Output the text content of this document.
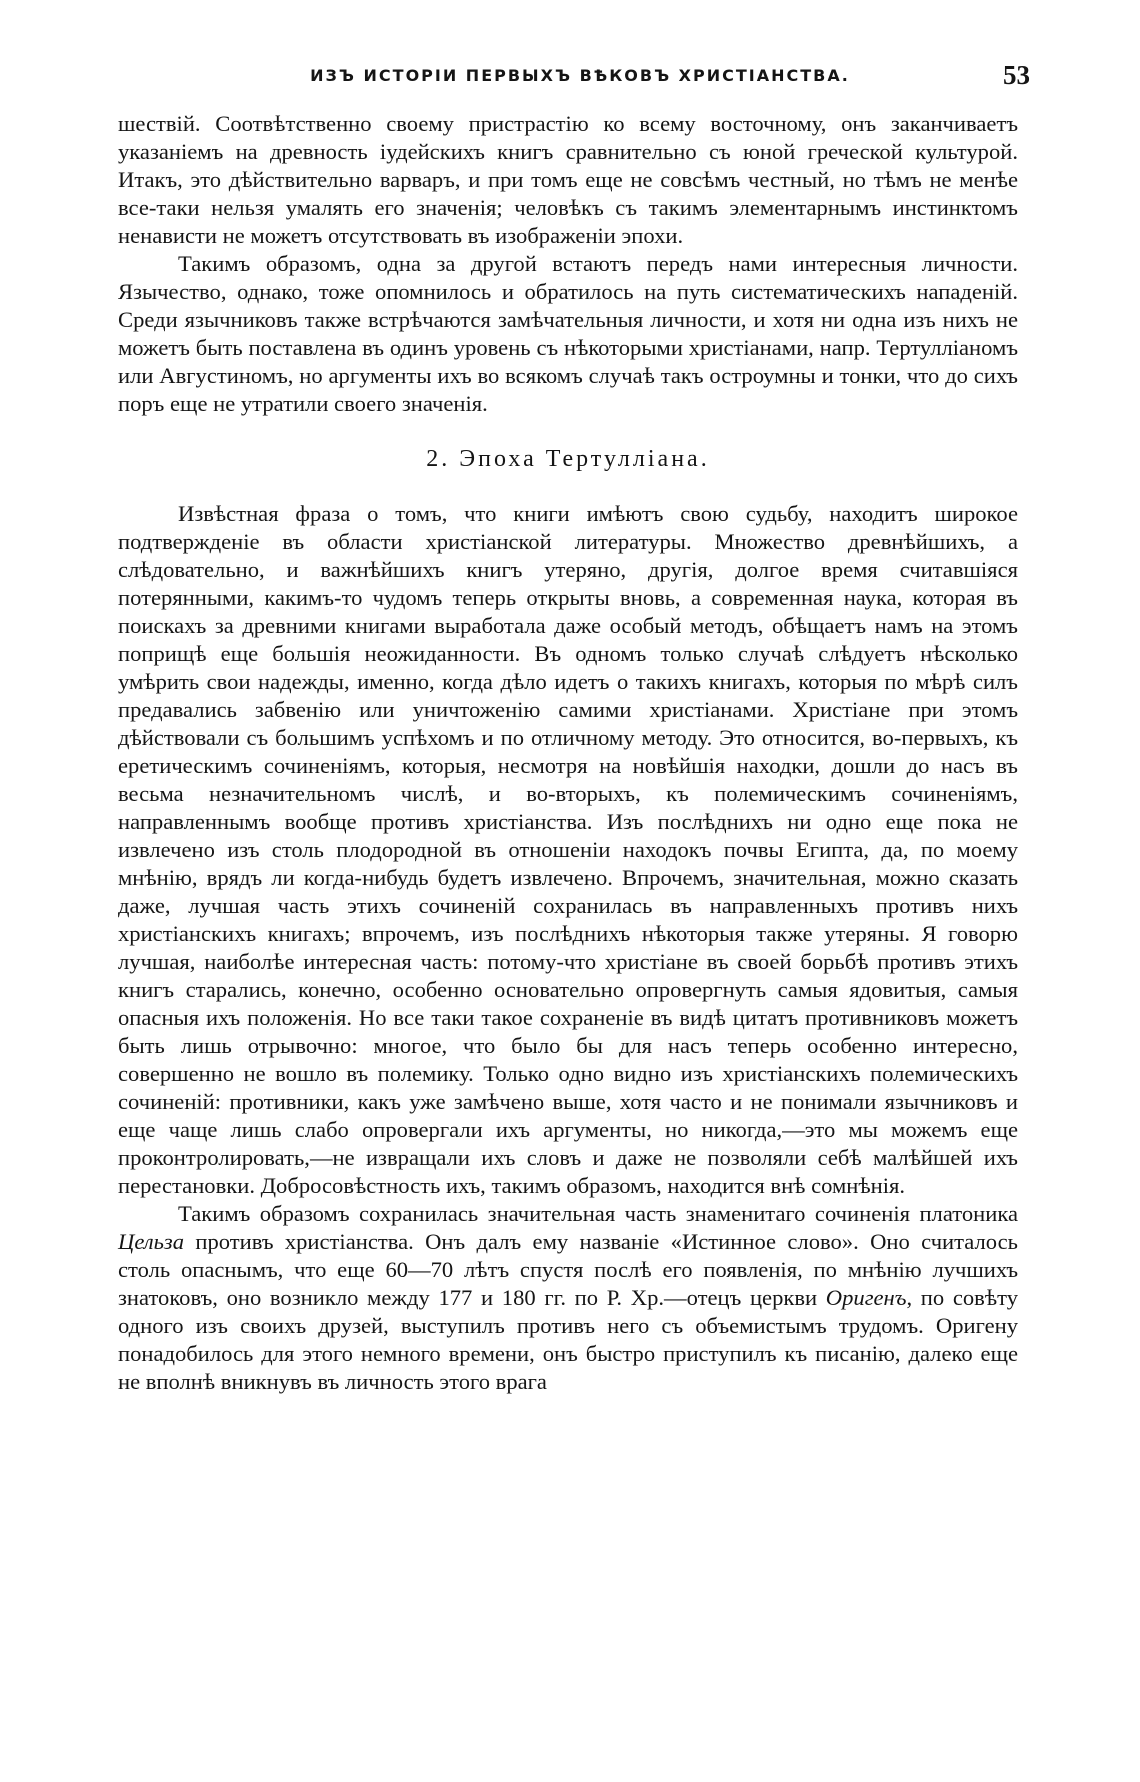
ИЗЪ ИСТОРІИ ПЕРВЫХЪ ВѢКОВЪ ХРИСТІАНСТВА.	53

шествій. Соотвѣтственно своему пристрастію ко всему восточному, онъ заканчиваетъ указаніемъ на древность іудейскихъ книгъ сравнительно съ юной греческой культурой. Итакъ, это дѣйствительно варваръ, и при томъ еще не совсѣмъ честный, но тѣмъ не менѣе все-таки нельзя умалять его значенія; человѣкъ съ такимъ элементарнымъ инстинктомъ ненависти не можетъ отсутствовать въ изображеніи эпохи.

Такимъ образомъ, одна за другой встаютъ передъ нами интересныя личности. Язычество, однако, тоже опомнилось и обратилось на путь систематическихъ нападеній. Среди язычниковъ также встрѣчаются замѣчательныя личности, и хотя ни одна изъ нихъ не можетъ быть поставлена въ одинъ уровень съ нѣкоторыми христіанами, напр. Тертулліаномъ или Августиномъ, но аргументы ихъ во всякомъ случаѣ такъ остроумны и тонки, что до сихъ поръ еще не утратили своего значенія.

2. Эпоха Тертулліана.

Извѣстная фраза о томъ, что книги имѣютъ свою судьбу, находитъ широкое подтвержденіе въ области христіанской литературы. Множество древнѣйшихъ, а слѣдовательно, и важнѣйшихъ книгъ утеряно, другія, долгое время считавшіяся потерянными, какимъ-то чудомъ теперь открыты вновь, а современная наука, которая въ поискахъ за древними книгами выработала даже особый методъ, обѣщаетъ намъ на этомъ поприщѣ еще большія неожиданности. Въ одномъ только случаѣ слѣдуетъ нѣсколько умѣрить свои надежды, именно, когда дѣло идетъ о такихъ книгахъ, которыя по мѣрѣ силъ предавались забвенію или уничтоженію самими христіанами. Христіане при этомъ дѣйствовали съ большимъ успѣхомъ и по отличному методу. Это относится, во-первыхъ, къ еретическимъ сочиненіямъ, которыя, несмотря на новѣйшія находки, дошли до насъ въ весьма незначительномъ числѣ, и во-вторыхъ, къ полемическимъ сочиненіямъ, направленнымъ вообще противъ христіанства. Изъ послѣднихъ ни одно еще пока не извлечено изъ столь плодородной въ отношеніи находокъ почвы Египта, да, по моему мнѣнію, врядъ ли когда-нибудь будетъ извлечено. Впрочемъ, значительная, можно сказать даже, лучшая часть этихъ сочиненій сохранилась въ направленныхъ противъ нихъ христіанскихъ книгахъ; впрочемъ, изъ послѣднихъ нѣкоторыя также утеряны. Я говорю лучшая, наиболѣе интересная часть: потому-что христіане въ своей борьбѣ противъ этихъ книгъ старались, конечно, особенно основательно опровергнуть самыя ядовитыя, самыя опасныя ихъ положенія. Но все таки такое сохраненіе въ видѣ цитатъ противниковъ можетъ быть лишь отрывочно: многое, что было бы для насъ теперь особенно интересно, совершенно не вошло въ полемику. Только одно видно изъ христіанскихъ полемическихъ сочиненій: противники, какъ уже замѣчено выше, хотя часто и не понимали язычниковъ и еще чаще лишь слабо опровергали ихъ аргументы, но никогда,—это мы можемъ еще проконтролировать,—не извращали ихъ словъ и даже не позволяли себѣ малѣйшей ихъ перестановки. Добросовѣстность ихъ, такимъ образомъ, находится внѣ сомнѣнія.

Такимъ образомъ сохранилась значительная часть знаменитаго сочиненія платоника Цельза противъ христіанства. Онъ далъ ему названіе «Истинное слово». Оно считалось столь опаснымъ, что еще 60—70 лѣтъ спустя послѣ его появленія, по мнѣнію лучшихъ знатоковъ, оно возникло между 177 и 180 гг. по Р. Хр.—отецъ церкви Оригенъ, по совѣту одного изъ своихъ друзей, выступилъ противъ него съ объемистымъ трудомъ. Оригену понадобилось для этого немного времени, онъ быстро приступилъ къ писанію, далеко еще не вполнѣ вникнувъ въ личность этого врага
